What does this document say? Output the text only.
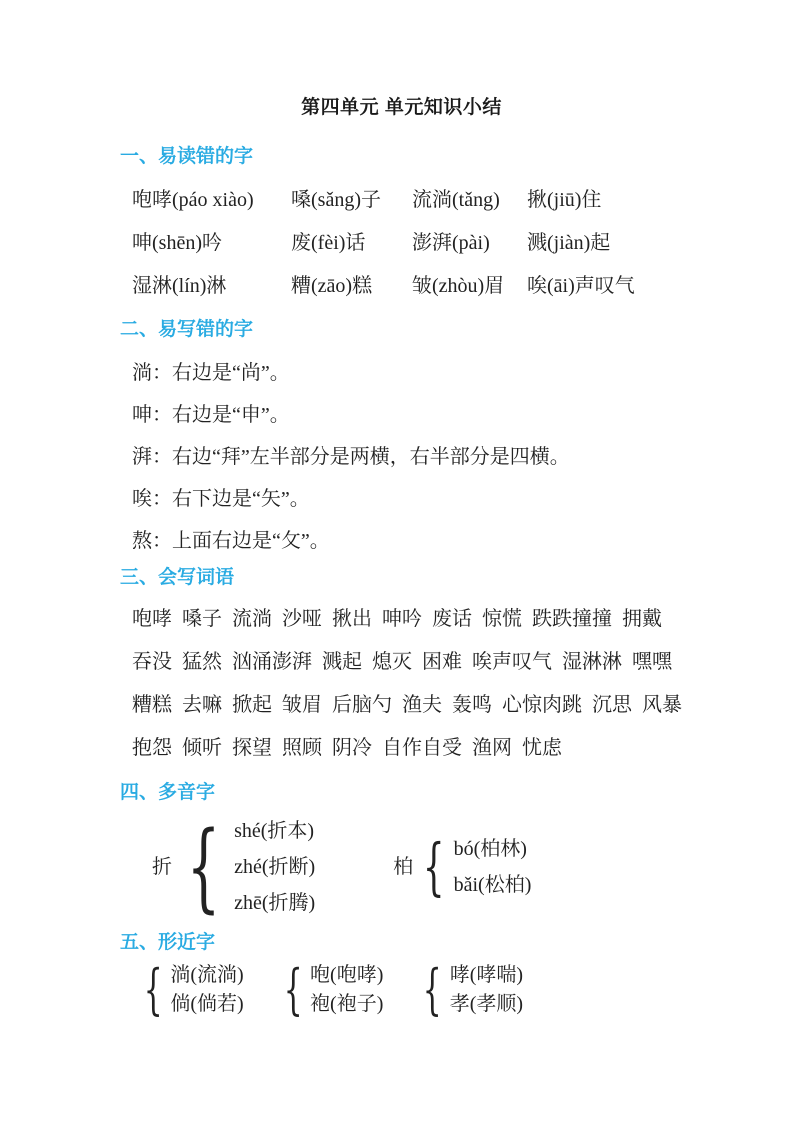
第四单元 单元知识小结
一、易读错的字
咆哮(páo xiào)	嗓(sǎng)子	流淌(tǎng)	揪(jiū)住
呻(shēn)吟	废(fèi)话	澎湃(pài)	溅(jiàn)起
湿淋(lín)淋	糟(zāo)糕	皱(zhòu)眉	唉(āi)声叹气
二、易写错的字

淌：右边是“尚”。

呻：右边是“申”。

湃：右边“拜”左半部分是两横，右半部分是四横。

唉：右下边是“矢”。

熬：上面右边是“攵”。

三、会写词语

咆哮 嗓子 流淌 沙哑 揪出 呻吟 废话 惊慌 跌跌撞撞 拥戴

吞没 猛然 汹涌澎湃 溅起 熄灭 困难 唉声叹气 湿淋淋 嘿嘿

糟糕 去嘛 掀起 皱眉 后脑勺 渔夫 轰鸣 心惊肉跳 沉思 风暴

抱怨 倾听 探望 照顾 阴冷 自作自受 渔网 忧虑

四、多音字
折 { shé(折本)
zhé(折断)
zhē(折腾)
柏 { bó(柏林)
bǎi(松柏)
五、形近字
{ 淌(流淌)
倘(倘若) { 咆(咆哮)
袍(袍子) { 哮(哮喘)
孝(孝顺)
